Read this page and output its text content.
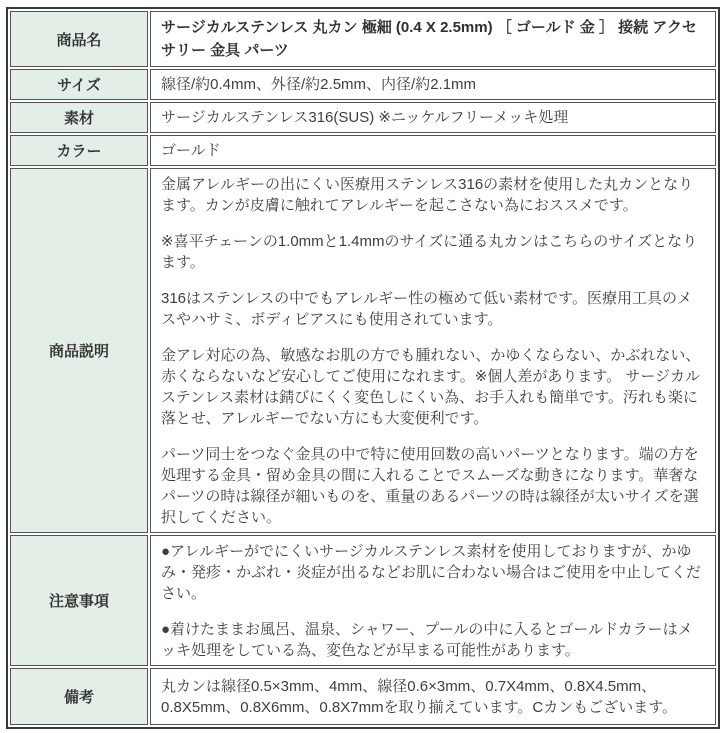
商品名	サージカルステンレス 丸カン 極細 (0.4 X 2.5mm) ［ ゴールド 金 ］ 接続 アクセサリー 金具 パーツ
サイズ	線径/約0.4mm、外径/約2.5mm、内径/約2.1mm
素材	サージカルステンレス316(SUS) ※ニッケルフリーメッキ処理
カラー	ゴールド
商品説明	金属アレルギーの出にくい医療用ステンレス316の素材を使用した丸カンとなります。カンが皮膚に触れてアレルギーを起こさない為におススメです。
※喜平チェーンの1.0mmと1.4mmのサイズに通る丸カンはこちらのサイズとなります。
316はステンレスの中でもアレルギー性の極めて低い素材です。医療用工具のメスやハサミ、ボディピアスにも使用されています。
金アレ対応の為、敏感なお肌の方でも腫れない、かゆくならない、かぶれない、赤くならないなど安心してご使用になれます。※個人差があります。 サージカルステンレス素材は錆びにくく変色しにくい為、お手入れも簡単です。汚れも楽に落とせ、アレルギーでない方にも大変便利です。
パーツ同士をつなぐ金具の中で特に使用回数の高いパーツとなります。端の方を処理する金具・留め金具の間に入れることでスムーズな動きになります。華奢なパーツの時は線径が細いものを、重量のあるパーツの時は線径が太いサイズを選択してください。

注意事項	●アレルギーがでにくいサージカルステンレス素材を使用しておりますが、かゆみ・発疹・かぶれ・炎症が出るなどお肌に合わない場合はご使用を中止してください。
●着けたままお風呂、温泉、シャワー、プールの中に入るとゴールドカラーはメッキ処理をしている為、変色などが早まる可能性があります。

備考	丸カンは線径0.5×3mm、4mm、線径0.6×3mm、0.7X4mm、0.8X4.5mm、0.8X5mm、0.8X6mm、0.8X7mmを取り揃えています。Cカンもございます。
